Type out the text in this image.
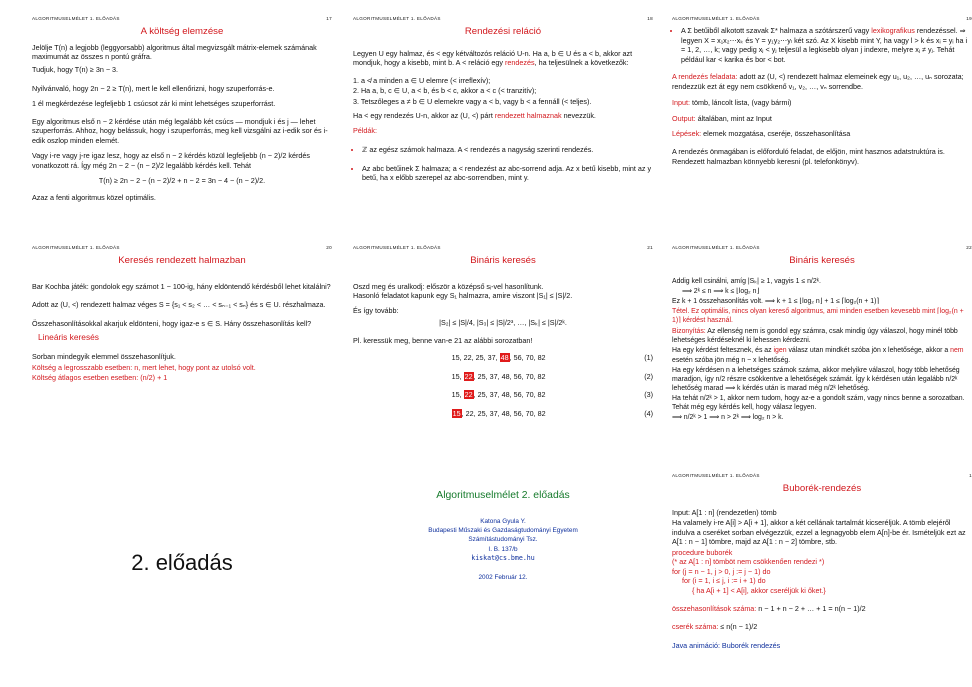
ALGORITMUSELMÉLET 1. ELŐADÁS	17

A költség elemzése

Jelölje T(n) a legjobb (leggyorsabb) algoritmus által megvizsgált mátrix-elemek számának maximumát az összes n pontú gráfra.

Tudjuk, hogy T(n) ≥ 3n − 3.

Nyilvánvaló, hogy 2n − 2 ≥ T(n), mert le kell ellenőrizni, hogy szuperforrás-e.

1 él megkérdezése legfeljebb 1 csúcsot zár ki mint lehetséges szuperforrást.

Egy algoritmus első n − 2 kérdése után még legalább két csúcs — mondjuk i és j — lehet szuperforrás. Ahhoz, hogy belássuk, hogy i szuperforrás, meg kell vizsgálni az i-edik sor és i-edik oszlop minden elemét.

Vagy i-re vagy j-re igaz lesz, hogy az első n − 2 kérdés közül legfeljebb (n − 2)/2 kérdés vonatkozott rá. Így még 2n − 2 − (n − 2)/2 legalább kérdés kell. Tehát

T(n) ≥ 2n − 2 − (n − 2)/2 + n − 2 = 3n − 4 − (n − 2)/2.

Azaz a fenti algoritmus közel optimális.

ALGORITMUSELMÉLET 1. ELŐADÁS	18

Rendezési reláció

Legyen U egy halmaz, és < egy kétváltozós reláció U-n. Ha a, b ∈ U és a < b, akkor azt mondjuk, hogy a kisebb, mint b. A < reláció egy rendezés, ha teljesülnek a következők:

1. a ≮ a minden a ∈ U elemre (< irreflexív);

2. Ha a, b, c ∈ U, a < b, és b < c, akkor a < c (< tranzitív);

3. Tetszőleges a ≠ b ∈ U elemekre vagy a < b, vagy b < a fennáll (< teljes).

Ha < egy rendezés U-n, akkor az (U, <) párt rendezett halmaznak nevezzük.

Példák:

• ℤ az egész számok halmaza. A < rendezés a nagyság szerinti rendezés.
• Az abc betűinek Σ halmaza; a < rendezést az abc-sorrend adja. Az x betű kisebb, mint az y betű, ha x előbb szerepel az abc-sorrendben, mint y.
ALGORITMUSELMÉLET 1. ELŐADÁS	19
• A Σ betűiből alkotott szavak Σ* halmaza a szótárszerű vagy lexikografikus rendezéssel. ⇒ legyen X = x₁x₂⋯xₖ és Y = y₁y₂⋯yₗ két szó. Az X kisebb mint Y, ha vagy l > k és xᵢ = yᵢ ha i = 1, 2, …, k; vagy pedig xⱼ < yⱼ teljesül a legkisebb olyan j indexre, melyre xⱼ ≠ yⱼ. Tehát például kar < karika és bor < bot.

A rendezés feladata: adott az (U, <) rendezett halmaz elemeinek egy u₁, u₂, …, uₙ sorozata; rendezzük ezt át egy nem csökkenő v₁, v₂, …, vₙ sorrendbe.

Input: tömb, láncolt lista, (vagy bármi)

Output: általában, mint az Input

Lépések: elemek mozgatása, cseréje, összehasonlítása

A rendezés önmagában is előforduló feladat, de előjön, mint hasznos adatstruktúra is.

Rendezett halmazban könnyebb keresni (pl. telefonkönyv).

ALGORITMUSELMÉLET 1. ELŐADÁS	20

Keresés rendezett halmazban

Bar Kochba játék: gondolok egy számot 1 − 100-ig, hány eldöntendő kérdésből lehet kitalálni?

Adott az (U, <) rendezett halmaz véges S = {s₁ < s₂ < … < sₙ₋₁ < sₙ} és s ∈ U. részhalmaza.

Összehasonlításokkal akarjuk eldönteni, hogy igaz-e s ∈ S. Hány összehasonlítás kell?

Lineáris keresés

Sorban mindegyik elemmel összehasonlítjuk.

Költség a legrosszabb esetben: n, mert lehet, hogy pont az utolsó volt.

Költség átlagos esetben esetben: (n/2) + 1

ALGORITMUSELMÉLET 1. ELŐADÁS	21

Bináris keresés

Oszd meg és uralkodj: először a középső sᵢ-vel hasonlítunk.

Hasonló feladatot kapunk egy S₁ halmazra, amire viszont |S₁| ≤ |S|/2.

És így tovább:

|S₂| ≤ |S|/4, |S₃| ≤ |S|/2³, …, |Sₖ| ≤ |S|/2ᵏ.

Pl. keressük meg, benne van-e 21 az alábbi sorozatban!

15, 22, 25, 37, 48, 56, 70, 82	(1)
15, 22, 25, 37, 48, 56, 70, 82	(2)
15, 22, 25, 37, 48, 56, 70, 82	(3)
15, 22, 25, 37, 48, 56, 70, 82	(4)
ALGORITMUSELMÉLET 1. ELŐADÁS	22

Bináris keresés

Addig kell csinálni, amíg |Sₖ| ≥ 1, vagyis 1 ≤ n/2ᵏ.

⟹ 2ᵏ ≤ n ⟹ k ≤ ⌊log₂ n⌋

Ez k + 1 összehasonlítás volt. ⟹ k + 1 ≤ ⌊log₂ n⌋ + 1 ≤ ⌈log₂(n + 1)⌉

Tétel. Ez optimális, nincs olyan kereső algoritmus, ami minden esetben kevesebb mint ⌈log₂(n + 1)⌉ kérdést használ.

Bizonyítás: Az ellenség nem is gondol egy számra, csak mindig úgy válaszol, hogy minél több lehetséges kérdéseknél ki lehessen kérdezni.

Ha egy kérdést feltesznek, és az igen válasz utan mindkét szóba jön x lehetősége, akkor a nem esetén szóba jön még n − x lehetőség.

Ha egy kérdésen n a lehetséges számok száma, akkor melyikre válaszol, hogy több lehetőség maradjon, így n/2 részre csökkentve a lehetőségek számát. Így k kérdésen után legalább n/2ᵏ lehetőség marad ⟹ k kérdés után is marad még n/2ᵏ lehetőség.

Ha tehát n/2ᵏ > 1, akkor nem tudom, hogy az-e a gondolt szám, vagy nincs benne a sorozatban. Tehát még egy kérdés kell, hogy válasz legyen.

⟹ n/2ᵏ > 1 ⟹ n > 2ᵏ ⟹ log₂ n > k.

2. előadás
Algoritmuselmélet 2. előadás
Katona Gyula Y.
Budapesti Műszaki és Gazdaságtudományi Egyetem
Számítástudományi Tsz.
I. B. 137/b
kiskat@cs.bme.hu
2002 Február 12.
ALGORITMUSELMÉLET 1. ELŐADÁS	1

Buborék-rendezés

Input: A[1 : n] (rendezetlen) tömb

Ha valamely i-re A[i] > A[i + 1], akkor a két cellának tartalmát kicseréljük. A tömb elejéről indulva a cseréket sorban elvégezzük, ezzel a legnagyobb elem A[n]-be ér. Ismételjük ezt az A[1 : n − 1] tömbre, majd az A[1 : n − 2] tömbre, stb.

procedure buborék

(* az A[1 : n] tömböt nem csökkenően rendezi *)

for (j = n − 1, j > 0, j := j − 1) do

for (i = 1, i ≤ j, i := i + 1) do

{ ha A[i + 1] < A[i], akkor cseréljük ki őket.}

összehasonlítások száma: n − 1 + n − 2 + … + 1 = n(n − 1)/2

cserék száma: ≤ n(n − 1)/2

Java animáció: Buborék rendezés
